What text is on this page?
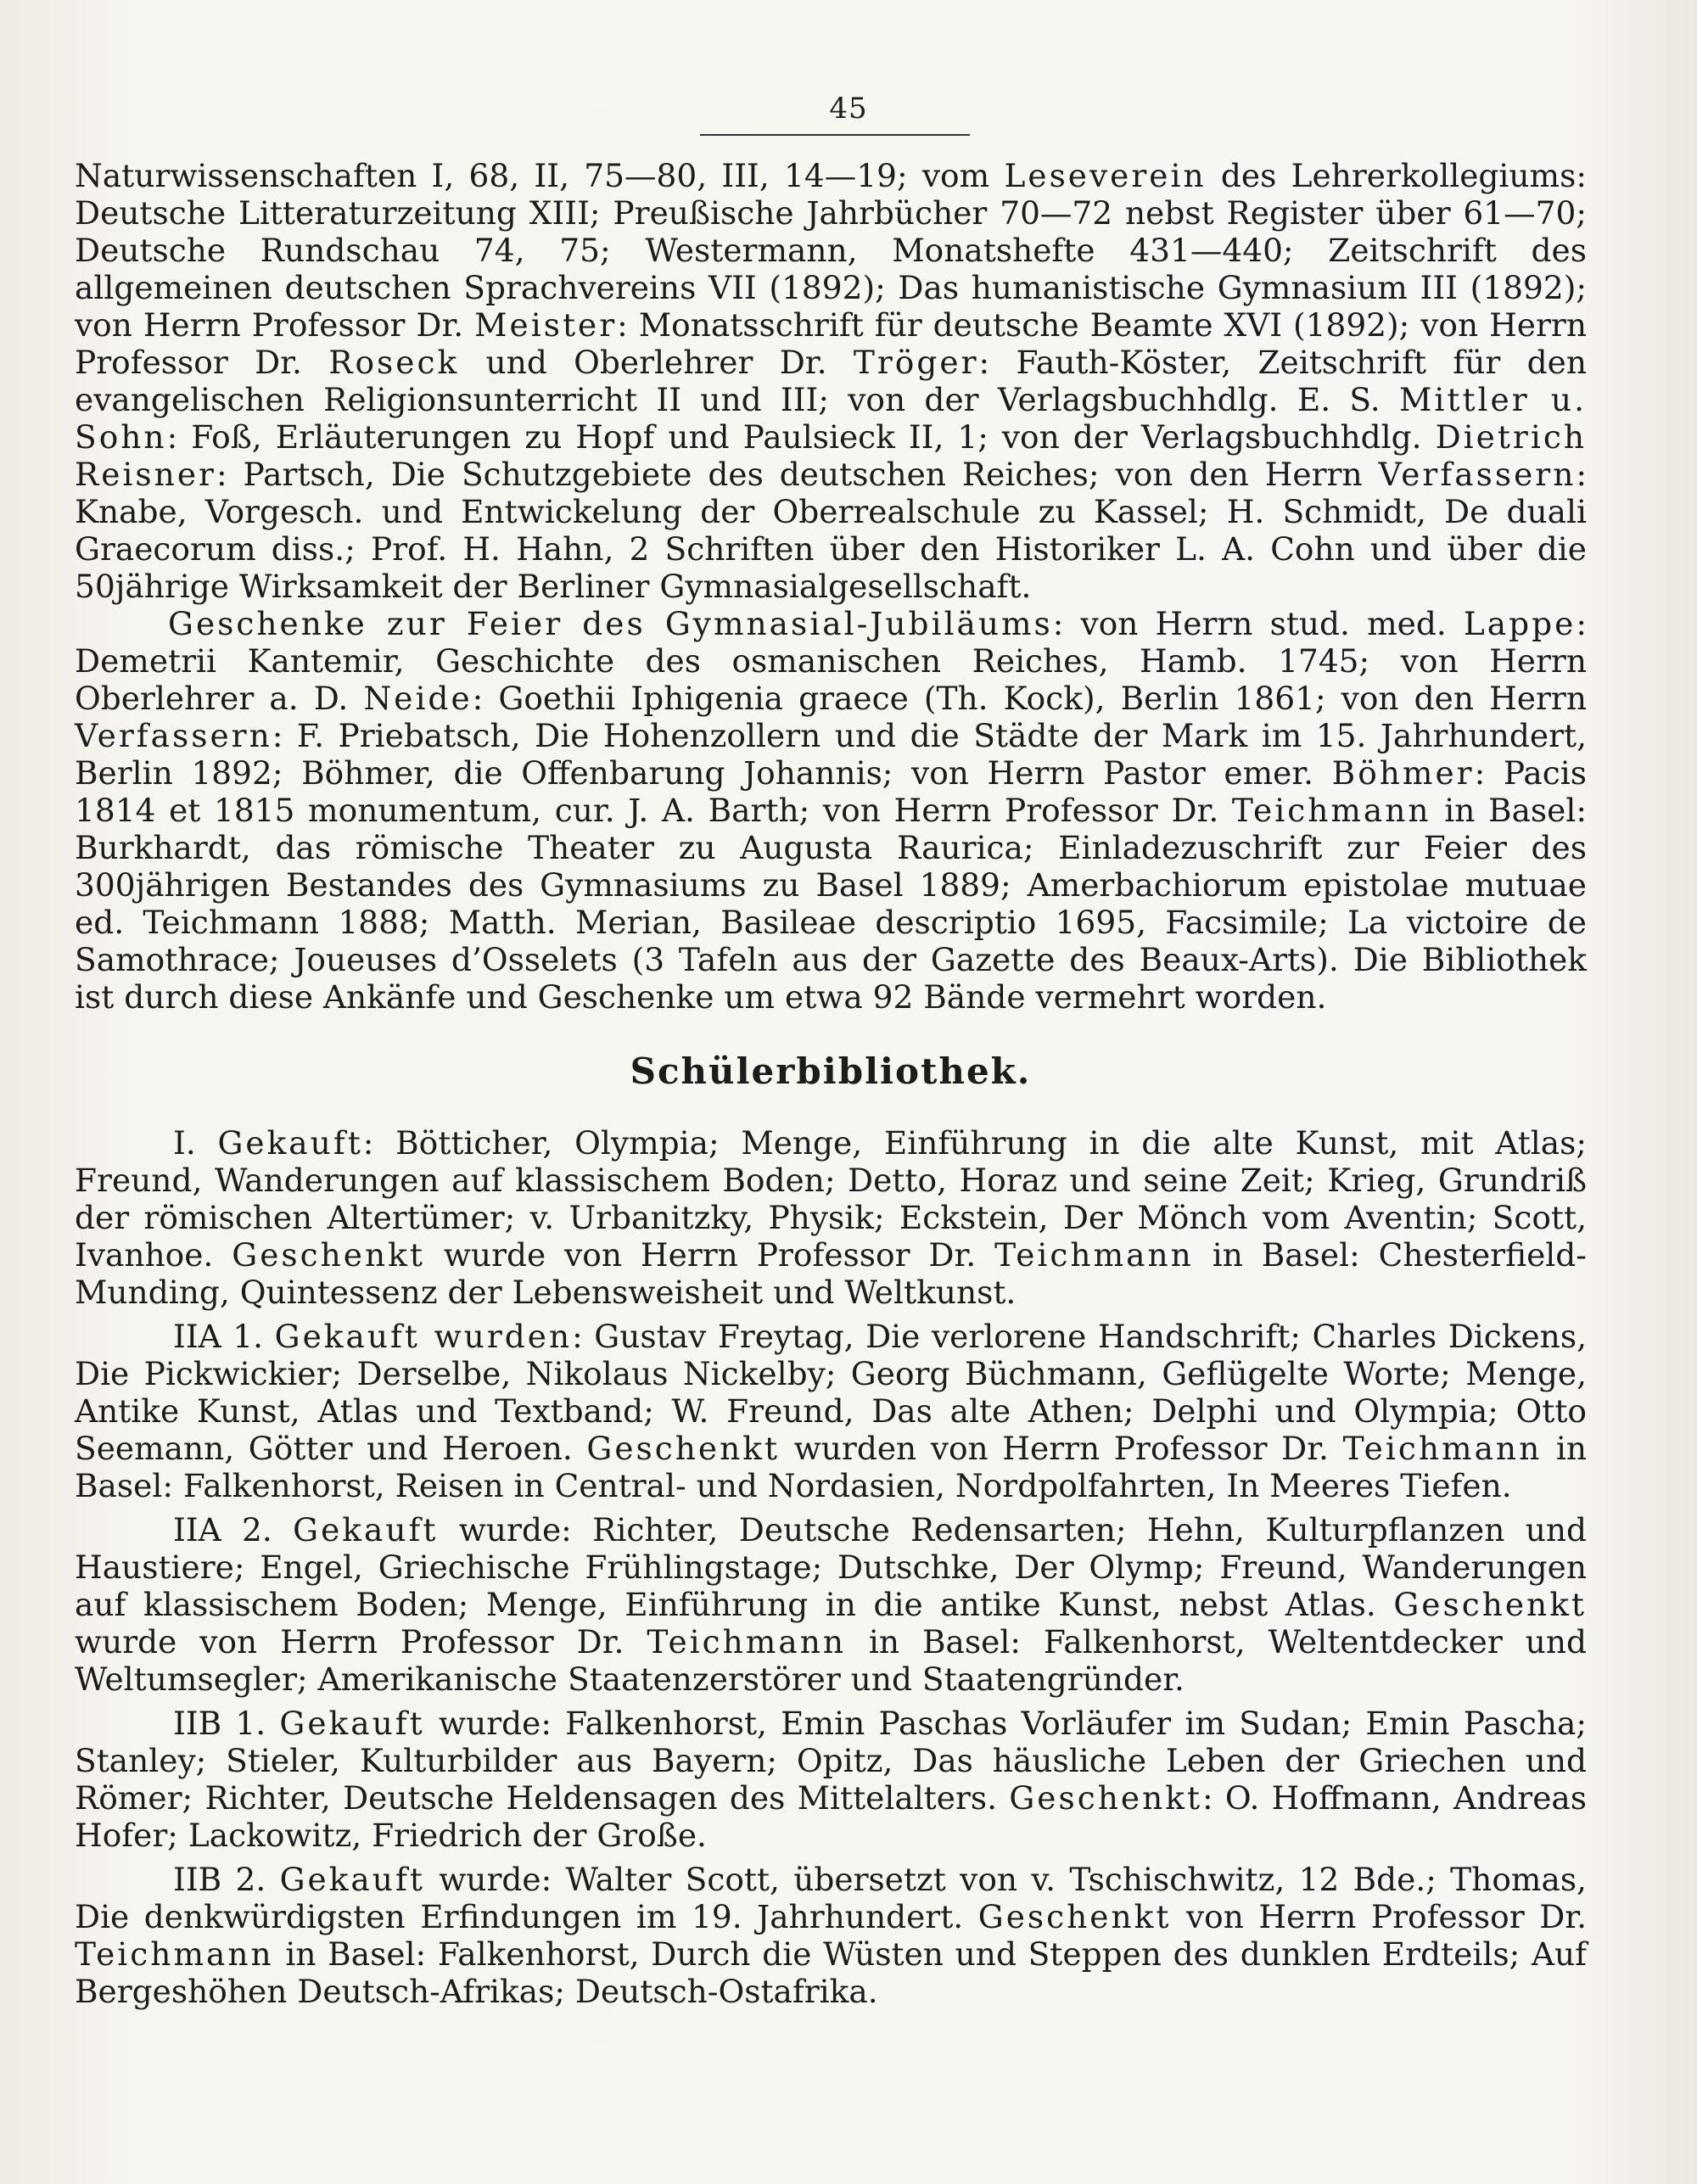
45

Naturwissenschaften I, 68, II, 75—80, III, 14—19; vom Leseverein des Lehrerkollegiums: Deutsche Litteraturzeitung XIII; Preußische Jahrbücher 70—72 nebst Register über 61—70; Deutsche Rundschau 74, 75; Westermann, Monatshefte 431—440; Zeitschrift des allgemeinen deutschen Sprachvereins VII (1892); Das humanistische Gymnasium III (1892); von Herrn Professor Dr. Meister: Monatsschrift für deutsche Beamte XVI (1892); von Herrn Professor Dr. Roseck und Oberlehrer Dr. Tröger: Fauth-Köster, Zeitschrift für den evangelischen Religionsunterricht II und III; von der Verlagsbuchhdlg. E. S. Mittler u. Sohn: Foß, Erläuterungen zu Hopf und Paulsieck II, 1; von der Verlagsbuchhdlg. Dietrich Reisner: Partsch, Die Schutzgebiete des deutschen Reiches; von den Herrn Verfassern: Knabe, Vorgesch. und Entwickelung der Oberrealschule zu Kassel; H. Schmidt, De duali Graecorum diss.; Prof. H. Hahn, 2 Schriften über den Historiker L. A. Cohn und über die 50jährige Wirksamkeit der Berliner Gymnasialgesellschaft.

Geschenke zur Feier des Gymnasial-Jubiläums: von Herrn stud. med. Lappe: Demetrii Kantemir, Geschichte des osmanischen Reiches, Hamb. 1745; von Herrn Oberlehrer a. D. Neide: Goethii Iphigenia graece (Th. Kock), Berlin 1861; von den Herrn Verfassern: F. Priebatsch, Die Hohenzollern und die Städte der Mark im 15. Jahrhundert, Berlin 1892; Böhmer, die Offenbarung Johannis; von Herrn Pastor emer. Böhmer: Pacis 1814 et 1815 monumentum, cur. J. A. Barth; von Herrn Professor Dr. Teichmann in Basel: Burkhardt, das römische Theater zu Augusta Raurica; Einladezuschrift zur Feier des 300jährigen Bestandes des Gymnasiums zu Basel 1889; Amerbachiorum epistolae mutuae ed. Teichmann 1888; Matth. Merian, Basileae descriptio 1695, Facsimile; La victoire de Samothrace; Joueuses d’Osselets (3 Tafeln aus der Gazette des Beaux-Arts). Die Bibliothek ist durch diese Ankänfe und Geschenke um etwa 92 Bände vermehrt worden.

Schülerbibliothek.

I. Gekauft: Bötticher, Olympia; Menge, Einführung in die alte Kunst, mit Atlas; Freund, Wanderungen auf klassischem Boden; Detto, Horaz und seine Zeit; Krieg, Grundriß der römischen Altertümer; v. Urbanitzky, Physik; Eckstein, Der Mönch vom Aventin; Scott, Ivanhoe. Geschenkt wurde von Herrn Professor Dr. Teichmann in Basel: Chesterfield-Munding, Quintessenz der Lebensweisheit und Weltkunst.

IIA 1. Gekauft wurden: Gustav Freytag, Die verlorene Handschrift; Charles Dickens, Die Pickwickier; Derselbe, Nikolaus Nickelby; Georg Büchmann, Geflügelte Worte; Menge, Antike Kunst, Atlas und Textband; W. Freund, Das alte Athen; Delphi und Olympia; Otto Seemann, Götter und Heroen. Geschenkt wurden von Herrn Professor Dr. Teichmann in Basel: Falkenhorst, Reisen in Central- und Nordasien, Nordpolfahrten, In Meeres Tiefen.

IIA 2. Gekauft wurde: Richter, Deutsche Redensarten; Hehn, Kulturpflanzen und Haustiere; Engel, Griechische Frühlingstage; Dutschke, Der Olymp; Freund, Wanderungen auf klassischem Boden; Menge, Einführung in die antike Kunst, nebst Atlas. Geschenkt wurde von Herrn Professor Dr. Teichmann in Basel: Falkenhorst, Weltentdecker und Weltumsegler; Amerikanische Staatenzerstörer und Staatengründer.

IIB 1. Gekauft wurde: Falkenhorst, Emin Paschas Vorläufer im Sudan; Emin Pascha; Stanley; Stieler, Kulturbilder aus Bayern; Opitz, Das häusliche Leben der Griechen und Römer; Richter, Deutsche Heldensagen des Mittelalters. Geschenkt: O. Hoffmann, Andreas Hofer; Lackowitz, Friedrich der Große.

IIB 2. Gekauft wurde: Walter Scott, übersetzt von v. Tschischwitz, 12 Bde.; Thomas, Die denkwürdigsten Erfindungen im 19. Jahrhundert. Geschenkt von Herrn Professor Dr. Teichmann in Basel: Falkenhorst, Durch die Wüsten und Steppen des dunklen Erdteils; Auf Bergeshöhen Deutsch-Afrikas; Deutsch-Ostafrika.
